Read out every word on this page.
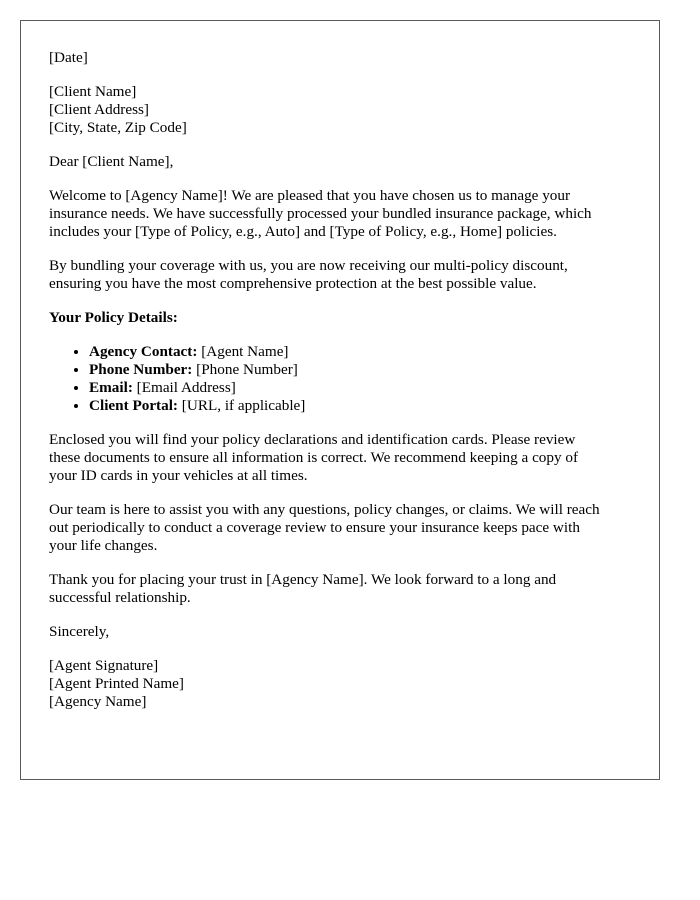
[Date]
[Client Name]
[Client Address]
[City, State, Zip Code]
Dear [Client Name],
Welcome to [Agency Name]! We are pleased that you have chosen us to manage your
insurance needs. We have successfully processed your bundled insurance package, which
includes your [Type of Policy, e.g., Auto] and [Type of Policy, e.g., Home] policies.
By bundling your coverage with us, you are now receiving our multi-policy discount,
ensuring you have the most comprehensive protection at the best possible value.
Your Policy Details:
• Agency Contact: [Agent Name]
• Phone Number: [Phone Number]
• Email: [Email Address]
• Client Portal: [URL, if applicable]
Enclosed you will find your policy declarations and identification cards. Please review
these documents to ensure all information is correct. We recommend keeping a copy of
your ID cards in your vehicles at all times.
Our team is here to assist you with any questions, policy changes, or claims. We will reach
out periodically to conduct a coverage review to ensure your insurance keeps pace with
your life changes.
Thank you for placing your trust in [Agency Name]. We look forward to a long and
successful relationship.
Sincerely,
[Agent Signature]
[Agent Printed Name]
[Agency Name]
